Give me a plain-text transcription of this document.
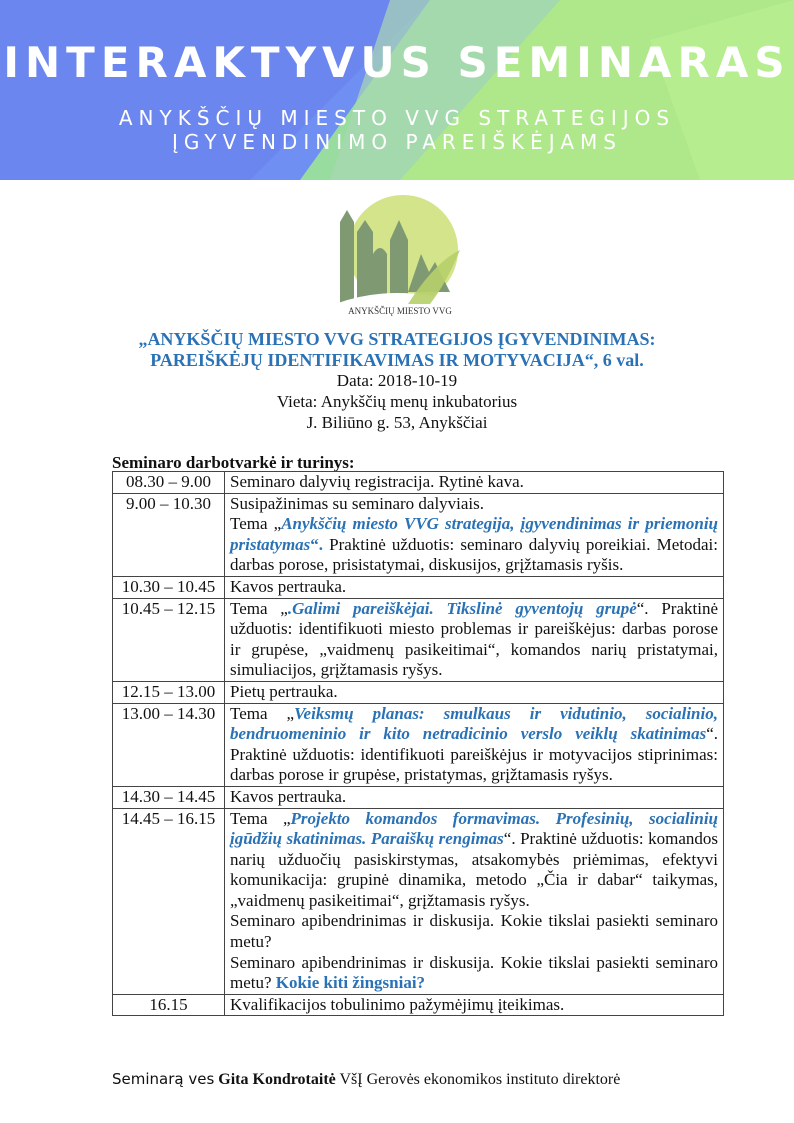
INTERAKTYVUS SEMINARAS
ANYKŠČIŲ MIESTO VVG STRATEGIJOS
ĮGYVENDINIMO PAREIŠKĖJAMS
ANYKŠČIŲ MIESTO VVG
„ANYKŠČIŲ MIESTO VVG STRATEGIJOS ĮGYVENDINIMAS:
PAREIŠKĖJŲ IDENTIFIKAVIMAS IR MOTYVACIJA“, 6 val.
Data: 2018-10-19
Vieta: Anykščių menų inkubatorius
J. Biliūno g. 53, Anykščiai
Seminaro darbotvarkė ir turinys:
08.30 – 9.00	Seminaro dalyvių registracija. Rytinė kava.
9.00 – 10.30	Susipažinimas su seminaro dalyviais.
Tema „Anykščių miesto VVG strategija, įgyvendinimas ir priemonių pristatymas“. Praktinė užduotis: seminaro dalyvių poreikiai. Metodai: darbas porose, prisistatymai, diskusijos, grįžtamasis ryšis.
10.30 – 10.45	Kavos pertrauka.
10.45 – 12.15	Tema „.Galimi pareiškėjai. Tikslinė gyventojų grupė“. Praktinė užduotis: identifikuoti miesto problemas ir pareiškėjus: darbas porose ir grupėse, „vaidmenų pasikeitimai“, komandos narių pristatymai, simuliacijos, grįžtamasis ryšys.
12.15 – 13.00	Pietų pertrauka.
13.00 – 14.30	Tema „Veiksmų planas: smulkaus ir vidutinio, socialinio, bendruomeninio ir kito netradicinio verslo veiklų skatinimas“. Praktinė užduotis: identifikuoti pareiškėjus ir motyvacijos stiprinimas: darbas porose ir grupėse, pristatymas, grįžtamasis ryšys.
14.30 – 14.45	Kavos pertrauka.
14.45 – 16.15	Tema „Projekto komandos formavimas. Profesinių, socialinių įgūdžių skatinimas. Paraiškų rengimas“. Praktinė užduotis: komandos narių užduočių pasiskirstymas, atsakomybės priėmimas, efektyvi komunikacija: grupinė dinamika, metodo „Čia ir dabar“ taikymas, „vaidmenų pasikeitimai“, grįžtamasis ryšys.
Seminaro apibendrinimas ir diskusija. Kokie tikslai pasiekti seminaro metu?
Seminaro apibendrinimas ir diskusija. Kokie tikslai pasiekti seminaro metu? Kokie kiti žingsniai?
16.15	Kvalifikacijos tobulinimo pažymėjimų įteikimas.
Seminarą ves Gita Kondrotaitė VšĮ Gerovės ekonomikos instituto direktorė
